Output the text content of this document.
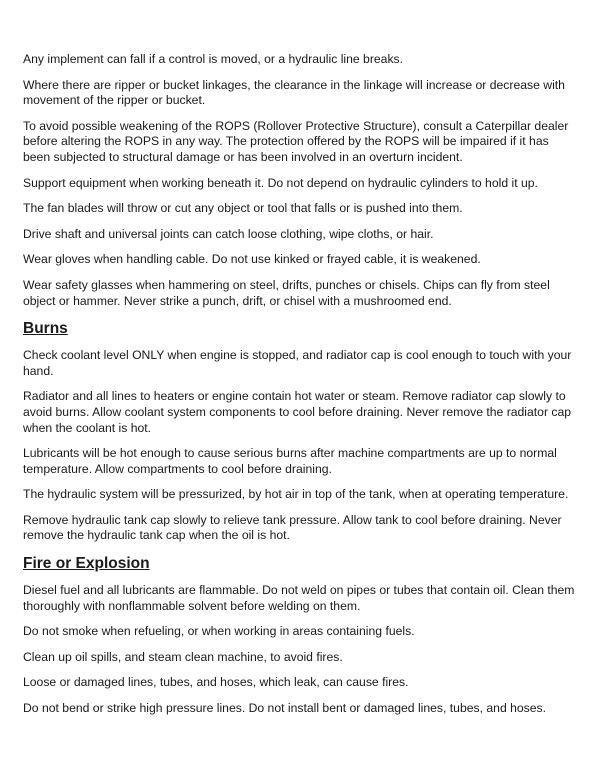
Any implement can fall if a control is moved, or a hydraulic line breaks.

Where there are ripper or bucket linkages, the clearance in the linkage will increase or decrease with movement of the ripper or bucket.

To avoid possible weakening of the ROPS (Rollover Protective Structure), consult a Caterpillar dealer before altering the ROPS in any way. The protection offered by the ROPS will be impaired if it has been subjected to structural damage or has been involved in an overturn incident.

Support equipment when working beneath it. Do not depend on hydraulic cylinders to hold it up.

The fan blades will throw or cut any object or tool that falls or is pushed into them.

Drive shaft and universal joints can catch loose clothing, wipe cloths, or hair.

Wear gloves when handling cable. Do not use kinked or frayed cable, it is weakened.

Wear safety glasses when hammering on steel, drifts, punches or chisels. Chips can fly from steel object or hammer. Never strike a punch, drift, or chisel with a mushroomed end.

Burns

Check coolant level ONLY when engine is stopped, and radiator cap is cool enough to touch with your hand.

Radiator and all lines to heaters or engine contain hot water or steam. Remove radiator cap slowly to avoid burns. Allow coolant system components to cool before draining. Never remove the radiator cap when the coolant is hot.

Lubricants will be hot enough to cause serious burns after machine compartments are up to normal temperature. Allow compartments to cool before draining.

The hydraulic system will be pressurized, by hot air in top of the tank, when at operating temperature.

Remove hydraulic tank cap slowly to relieve tank pressure. Allow tank to cool before draining. Never remove the hydraulic tank cap when the oil is hot.

Fire or Explosion

Diesel fuel and all lubricants are flammable. Do not weld on pipes or tubes that contain oil. Clean them thoroughly with nonflammable solvent before welding on them.

Do not smoke when refueling, or when working in areas containing fuels.

Clean up oil spills, and steam clean machine, to avoid fires.

Loose or damaged lines, tubes, and hoses, which leak, can cause fires.

Do not bend or strike high pressure lines. Do not install bent or damaged lines, tubes, and hoses.
